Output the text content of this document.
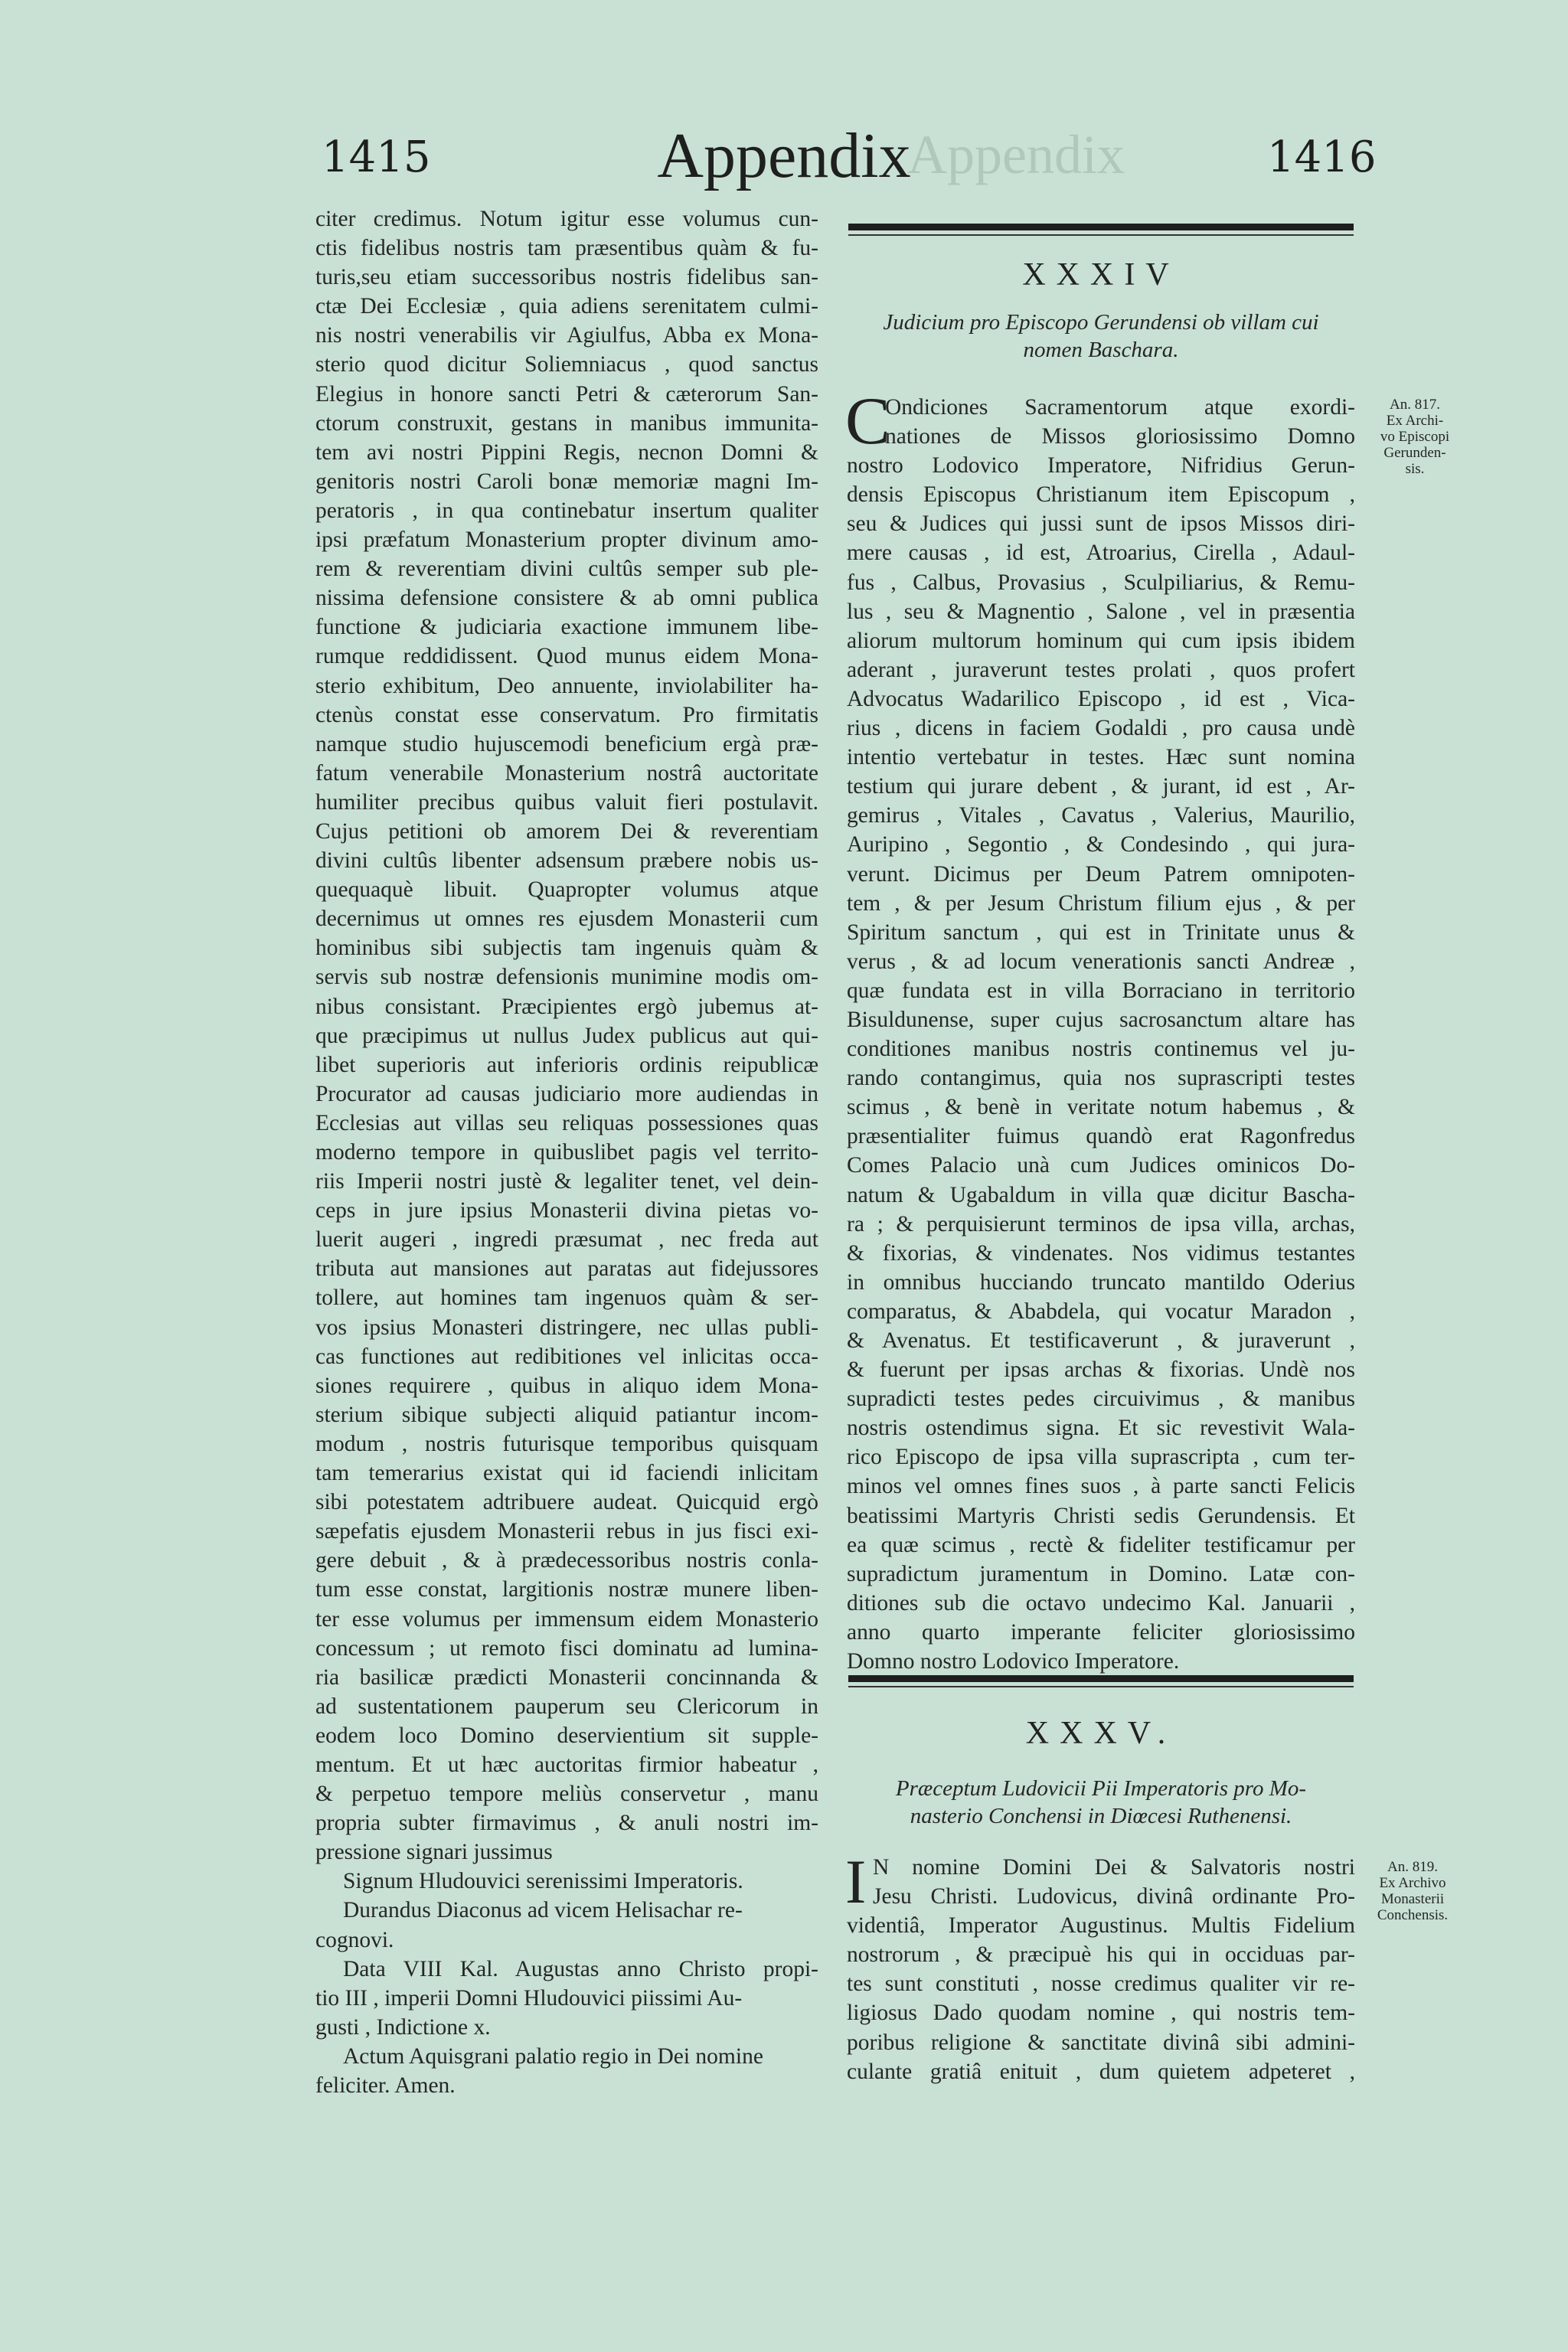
1415	Appendix
Appendix	1416
citer credimus. Notum igitur esse volumus cun-
ctis fidelibus nostris tam præsentibus quàm & fu-
turis,seu etiam successoribus nostris fidelibus san-
ctæ Dei Ecclesiæ , quia adiens serenitatem culmi-
nis nostri venerabilis vir Agiulfus, Abba ex Mona-
sterio quod dicitur Soliemniacus , quod sanctus
Elegius in honore sancti Petri & cæterorum San-
ctorum construxit, gestans in manibus immunita-
tem avi nostri Pippini Regis, necnon Domni &
genitoris nostri Caroli bonæ memoriæ magni Im-
peratoris , in qua continebatur insertum qualiter
ipsi præfatum Monasterium propter divinum amo-
rem & reverentiam divini cultûs semper sub ple-
nissima defensione consistere & ab omni publica
functione & judiciaria exactione immunem libe-
rumque reddidissent. Quod munus eidem Mona-
sterio exhibitum, Deo annuente, inviolabiliter ha-
ctenùs constat esse conservatum. Pro firmitatis
namque studio hujuscemodi beneficium ergà præ-
fatum venerabile Monasterium nostrâ auctoritate
humiliter precibus quibus valuit fieri postulavit.
Cujus petitioni ob amorem Dei & reverentiam
divini cultûs libenter adsensum præbere nobis us-
quequaquè libuit. Quapropter volumus atque
decernimus ut omnes res ejusdem Monasterii cum
hominibus sibi subjectis tam ingenuis quàm &
servis sub nostræ defensionis munimine modis om-
nibus consistant. Præcipientes ergò jubemus at-
que præcipimus ut nullus Judex publicus aut qui-
libet superioris aut inferioris ordinis reipublicæ
Procurator ad causas judiciario more audiendas in
Ecclesias aut villas seu reliquas possessiones quas
moderno tempore in quibuslibet pagis vel territo-
riis Imperii nostri justè & legaliter tenet, vel dein-
ceps in jure ipsius Monasterii divina pietas vo-
luerit augeri , ingredi præsumat , nec freda aut
tributa aut mansiones aut paratas aut fidejussores
tollere, aut homines tam ingenuos quàm & ser-
vos ipsius Monasteri distringere, nec ullas publi-
cas functiones aut redibitiones vel inlicitas occa-
siones requirere , quibus in aliquo idem Mona-
sterium sibique subjecti aliquid patiantur incom-
modum , nostris futurisque temporibus quisquam
tam temerarius existat qui id faciendi inlicitam
sibi potestatem adtribuere audeat. Quicquid ergò
sæpefatis ejusdem Monasterii rebus in jus fisci exi-
gere debuit , & à prædecessoribus nostris conla-
tum esse constat, largitionis nostræ munere liben-
ter esse volumus per immensum eidem Monasterio
concessum ; ut remoto fisci dominatu ad lumina-
ria basilicæ prædicti Monasterii concinnanda &
ad sustentationem pauperum seu Clericorum in
eodem loco Domino deservientium sit supple-
mentum. Et ut hæc auctoritas firmior habeatur ,
& perpetuo tempore meliùs conservetur , manu
propria subter firmavimus , & anuli nostri im-
pressione signari jussimus
Signum Hludouvici serenissimi Imperatoris.
Durandus Diaconus ad vicem Helisachar re-
cognovi.
Data VIII Kal. Augustas anno Christo propi-
tio III , imperii Domni Hludouvici piissimi Au-
gusti , Indictione x.
Actum Aquisgrani palatio regio in Dei nomine
feliciter. Amen.
XXXIV
Judicium pro Episcopo Gerundensi ob villam cui
nomen Baschara.
C
Ondiciones Sacramentorum atque exordi-
nationes de Missos gloriosissimo Domno
nostro Lodovico Imperatore, Nifridius Gerun-
densis Episcopus Christianum item Episcopum ,
seu & Judices qui jussi sunt de ipsos Missos diri-
mere causas , id est, Atroarius, Cirella , Adaul-
fus , Calbus, Provasius , Sculpiliarius, & Remu-
lus , seu & Magnentio , Salone , vel in præsentia
aliorum multorum hominum qui cum ipsis ibidem
aderant , juraverunt testes prolati , quos profert
Advocatus Wadarilico Episcopo , id est , Vica-
rius , dicens in faciem Godaldi , pro causa undè
intentio vertebatur in testes. Hæc sunt nomina
testium qui jurare debent , & jurant, id est , Ar-
gemirus , Vitales , Cavatus , Valerius, Maurilio,
Auripino , Segontio , & Condesindo , qui jura-
verunt. Dicimus per Deum Patrem omnipoten-
tem , & per Jesum Christum filium ejus , & per
Spiritum sanctum , qui est in Trinitate unus &
verus , & ad locum venerationis sancti Andreæ ,
quæ fundata est in villa Borraciano in territorio
Bisuldunense, super cujus sacrosanctum altare has
conditiones manibus nostris continemus vel ju-
rando contangimus, quia nos suprascripti testes
scimus , & benè in veritate notum habemus , &
præsentialiter fuimus quandò erat Ragonfredus
Comes Palacio unà cum Judices ominicos Do-
natum & Ugabaldum in villa quæ dicitur Bascha-
ra ; & perquisierunt terminos de ipsa villa, archas,
& fixorias, & vindenates. Nos vidimus testantes
in omnibus hucciando truncato mantildo Oderius
comparatus, & Ababdela, qui vocatur Maradon ,
& Avenatus. Et testificaverunt , & juraverunt ,
& fuerunt per ipsas archas & fixorias. Undè nos
supradicti testes pedes circuivimus , & manibus
nostris ostendimus signa. Et sic revestivit Wala-
rico Episcopo de ipsa villa suprascripta , cum ter-
minos vel omnes fines suos , à parte sancti Felicis
beatissimi Martyris Christi sedis Gerundensis. Et
ea quæ scimus , rectè & fideliter testificamur per
supradictum juramentum in Domino. Latæ con-
ditiones sub die octavo undecimo Kal. Januarii ,
anno quarto imperante feliciter gloriosissimo
Domno nostro Lodovico Imperatore.
An. 817.
Ex Archi-
vo Episcopi
Gerunden-
sis.
XXXV.
Præceptum Ludovicii Pii Imperatoris pro Mo-
nasterio Conchensi in Diœcesi Ruthenensi.
I N nomine Domini Dei & Salvatoris nostri
Jesu Christi. Ludovicus, divinâ ordinante Pro-
videntiâ, Imperator Augustinus. Multis Fidelium
nostrorum , & præcipuè his qui in occiduas par-
tes sunt constituti , nosse credimus qualiter vir re-
ligiosus Dado quodam nomine , qui nostris tem-
poribus religione & sanctitate divinâ sibi admini-
culante gratiâ enituit , dum quietem adpeteret ,
An. 819.
Ex Archivo
Monasterii
Conchensis.
